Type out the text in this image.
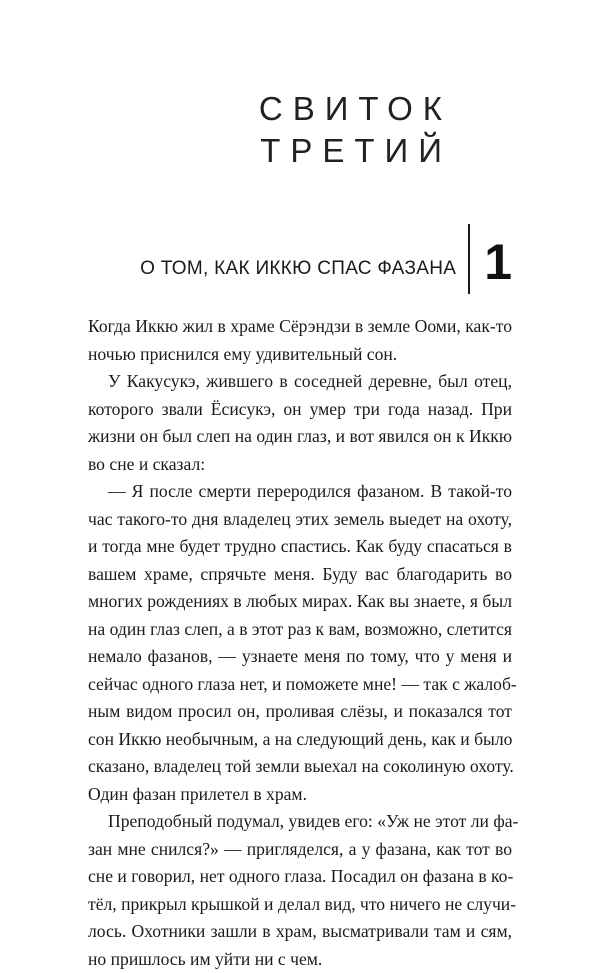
СВИТОК
ТРЕТИЙ
О ТОМ, КАК ИККЮ СПАС ФАЗАНА 1
Когда Иккю жил в храме Сёрэндзи в земле Ооми, как-то
ночью приснился ему удивительный сон.
У Какусукэ, жившего в соседней деревне, был отец,
которого звали Ёсисукэ, он умер три года назад. При
жизни он был слеп на один глаз, и вот явился он к Иккю
во сне и сказал:
— Я после смерти переродился фазаном. В такой-то
час такого-то дня владелец этих земель выедет на охоту,
и тогда мне будет трудно спастись. Как буду спасаться в
вашем храме, спрячьте меня. Буду вас благодарить во
многих рождениях в любых мирах. Как вы знаете, я был
на один глаз слеп, а в этот раз к вам, возможно, слетится
немало фазанов, — узнаете меня по тому, что у меня и
сейчас одного глаза нет, и поможете мне! — так с жалоб-
ным видом просил он, проливая слёзы, и показался тот
сон Иккю необычным, а на следующий день, как и было
сказано, владелец той земли выехал на соколиную охоту.
Один фазан прилетел в храм.
Преподобный подумал, увидев его: «Уж не этот ли фа-
зан мне снился?» — пригляделся, а у фазана, как тот во
сне и говорил, нет одного глаза. Посадил он фазана в ко-
тёл, прикрыл крышкой и делал вид, что ничего не случи-
лось. Охотники зашли в храм, высматривали там и сям,
но пришлось им уйти ни с чем.
